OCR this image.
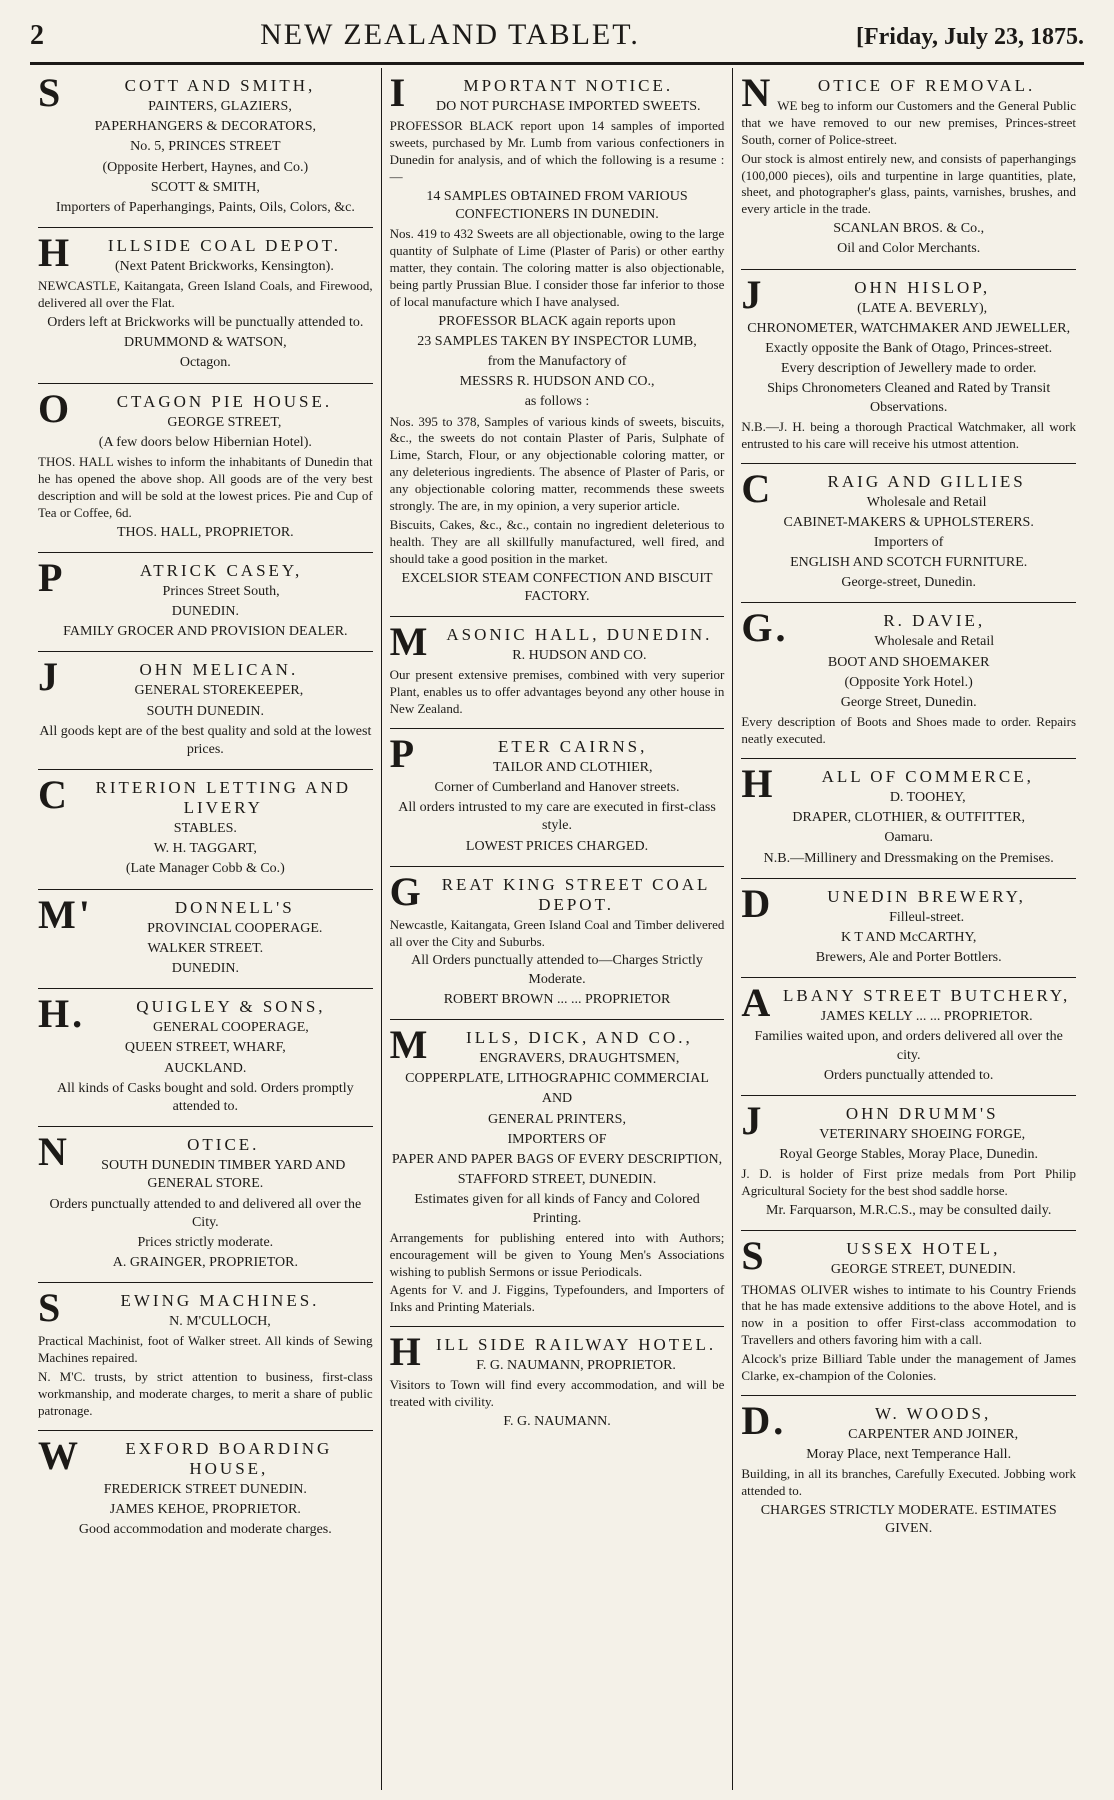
2	NEW ZEALAND TABLET.	[Friday, July 23, 1875.
SCOTT AND SMITH,
PAINTERS, GLAZIERS,
PAPERHANGERS & DECORATORS,
No. 5, PRINCES STREET
(Opposite Herbert, Haynes, and Co.)
SCOTT & SMITH,
Importers of Paperhangings, Paints, Oils, Colors, &c.
HILLSIDE COAL DEPOT.
(Next Patent Brickworks, Kensington).
NEWCASTLE, Kaitangata, Green Island Coals, and Firewood, delivered all over the Flat.
Orders left at Brickworks will be punctually attended to.
DRUMMOND & WATSON,
Octagon.
OCTAGON PIE HOUSE.
GEORGE STREET,
(A few doors below Hibernian Hotel).
THOS. HALL wishes to inform the inhabitants of Dunedin that he has opened the above shop. All goods are of the very best description and will be sold at the lowest prices. Pie and Cup of Tea or Coffee, 6d.
THOS. HALL, PROPRIETOR.
PATRICK CASEY,
Princes Street South,
DUNEDIN.
FAMILY GROCER AND PROVISION DEALER.
JOHN MELICAN.
GENERAL STOREKEEPER,
SOUTH DUNEDIN.
All goods kept are of the best quality and sold at the lowest prices.
CRITERION LETTING AND LIVERY
STABLES.
W. H. TAGGART,
(Late Manager Cobb & Co.)
M'DONNELL'S
PROVINCIAL COOPERAGE.
WALKER STREET.
DUNEDIN.
H.QUIGLEY & SONS,
GENERAL COOPERAGE,
QUEEN STREET, WHARF,
AUCKLAND.
All kinds of Casks bought and sold. Orders promptly attended to.
NOTICE.
SOUTH DUNEDIN TIMBER YARD AND GENERAL STORE.
Orders punctually attended to and delivered all over the City.
Prices strictly moderate.
A. GRAINGER, PROPRIETOR.
SEWING MACHINES.
N. M'CULLOCH,
Practical Machinist, foot of Walker street. All kinds of Sewing Machines repaired.
N. M'C. trusts, by strict attention to business, first-class workmanship, and moderate charges, to merit a share of public patronage.
WEXFORD BOARDING HOUSE,
FREDERICK STREET DUNEDIN.
JAMES KEHOE, PROPRIETOR.
Good accommodation and moderate charges.
IMPORTANT NOTICE.
DO NOT PURCHASE IMPORTED SWEETS.
PROFESSOR BLACK report upon 14 samples of imported sweets, purchased by Mr. Lumb from various confectioners in Dunedin for analysis, and of which the following is a resume :—
14 SAMPLES OBTAINED FROM VARIOUS CONFECTIONERS IN DUNEDIN.
Nos. 419 to 432 Sweets are all objectionable, owing to the large quantity of Sulphate of Lime (Plaster of Paris) or other earthy matter, they contain. The coloring matter is also objectionable, being partly Prussian Blue. I consider those far inferior to those of local manufacture which I have analysed.
PROFESSOR BLACK again reports upon
23 SAMPLES TAKEN BY INSPECTOR LUMB,
from the Manufactory of
MESSRS R. HUDSON AND CO.,
as follows :
Nos. 395 to 378, Samples of various kinds of sweets, biscuits, &c., the sweets do not contain Plaster of Paris, Sulphate of Lime, Starch, Flour, or any objectionable coloring matter, or any deleterious ingredients. The absence of Plaster of Paris, or any objectionable coloring matter, recommends these sweets strongly. The are, in my opinion, a very superior article.
Biscuits, Cakes, &c., &c., contain no ingredient deleterious to health. They are all skillfully manufactured, well fired, and should take a good position in the market.
EXCELSIOR STEAM CONFECTION AND BISCUIT FACTORY.
MASONIC HALL, DUNEDIN.
R. HUDSON AND CO.
Our present extensive premises, combined with very superior Plant, enables us to offer advantages beyond any other house in New Zealand.
PETER CAIRNS,
TAILOR AND CLOTHIER,
Corner of Cumberland and Hanover streets.
All orders intrusted to my care are executed in first-class style.
LOWEST PRICES CHARGED.
GREAT KING STREET COAL DEPOT.
Newcastle, Kaitangata, Green Island Coal and Timber delivered all over the City and Suburbs.
All Orders punctually attended to—Charges Strictly Moderate.
ROBERT BROWN ... ... PROPRIETOR
MILLS, DICK, AND CO.,
ENGRAVERS, DRAUGHTSMEN,
COPPERPLATE, LITHOGRAPHIC COMMERCIAL
AND
GENERAL PRINTERS,
IMPORTERS OF
PAPER AND PAPER BAGS OF EVERY DESCRIPTION,
STAFFORD STREET, DUNEDIN.
Estimates given for all kinds of Fancy and Colored Printing.
Arrangements for publishing entered into with Authors; encouragement will be given to Young Men's Associations wishing to publish Sermons or issue Periodicals.
Agents for V. and J. Figgins, Typefounders, and Importers of Inks and Printing Materials.
HILL SIDE RAILWAY HOTEL.
F. G. NAUMANN, PROPRIETOR.
Visitors to Town will find every accommodation, and will be treated with civility.
F. G. NAUMANN.
NOTICE OF REMOVAL.
WE beg to inform our Customers and the General Public that we have removed to our new premises, Princes-street South, corner of Police-street.
Our stock is almost entirely new, and consists of paperhangings (100,000 pieces), oils and turpentine in large quantities, plate, sheet, and photographer's glass, paints, varnishes, brushes, and every article in the trade.
SCANLAN BROS. & Co.,
Oil and Color Merchants.
JOHN HISLOP,
(LATE A. BEVERLY),
CHRONOMETER, WATCHMAKER AND JEWELLER,
Exactly opposite the Bank of Otago, Princes-street.
Every description of Jewellery made to order.
Ships Chronometers Cleaned and Rated by Transit Observations.
N.B.—J. H. being a thorough Practical Watchmaker, all work entrusted to his care will receive his utmost attention.
CRAIG AND GILLIES
Wholesale and Retail
CABINET-MAKERS & UPHOLSTERERS.
Importers of
ENGLISH AND SCOTCH FURNITURE.
George-street, Dunedin.
G.R. DAVIE,
Wholesale and Retail
BOOT AND SHOEMAKER
(Opposite York Hotel.)
George Street, Dunedin.
Every description of Boots and Shoes made to order. Repairs neatly executed.
HALL OF COMMERCE,
D. TOOHEY,
DRAPER, CLOTHIER, & OUTFITTER,
Oamaru.
N.B.—Millinery and Dressmaking on the Premises.
DUNEDIN BREWERY,
Filleul-street.
K T AND McCARTHY,
Brewers, Ale and Porter Bottlers.
ALBANY STREET BUTCHERY,
JAMES KELLY ... ... PROPRIETOR.
Families waited upon, and orders delivered all over the city.
Orders punctually attended to.
JOHN DRUMM'S
VETERINARY SHOEING FORGE,
Royal George Stables, Moray Place, Dunedin.
J. D. is holder of First prize medals from Port Philip Agricultural Society for the best shod saddle horse.
Mr. Farquarson, M.R.C.S., may be consulted daily.
SUSSEX HOTEL,
GEORGE STREET, DUNEDIN.
THOMAS OLIVER wishes to intimate to his Country Friends that he has made extensive additions to the above Hotel, and is now in a position to offer First-class accommodation to Travellers and others favoring him with a call.
Alcock's prize Billiard Table under the management of James Clarke, ex-champion of the Colonies.
D.W. WOODS,
CARPENTER AND JOINER,
Moray Place, next Temperance Hall.
Building, in all its branches, Carefully Executed. Jobbing work attended to.
CHARGES STRICTLY MODERATE. ESTIMATES GIVEN.
